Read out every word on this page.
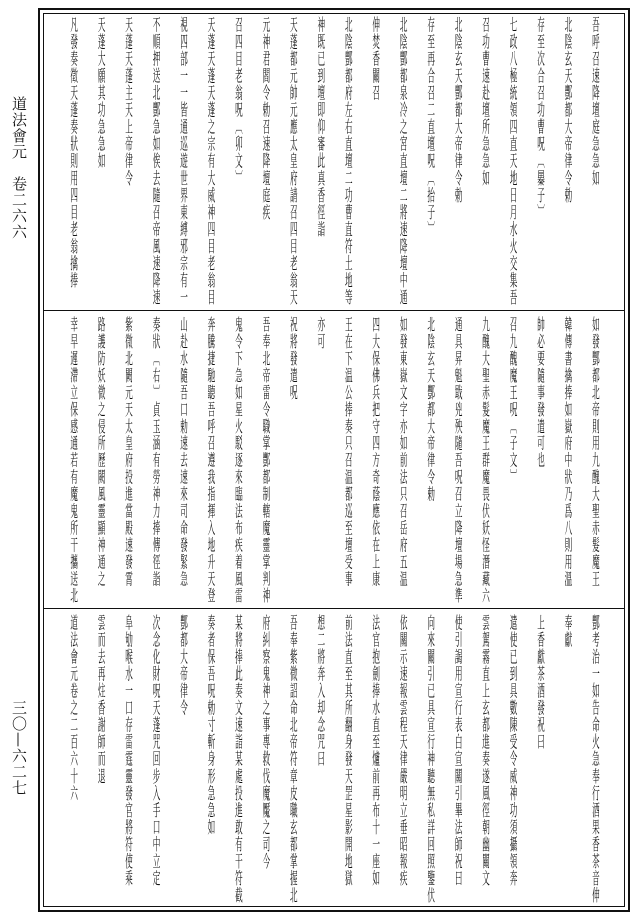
道法會元　卷二六六
三〇—六二七

吾呼召速降壇庭急急如

北陰玄天酆都大帝律令勅

存至次合召功曹呪〔㬥子〕

七政八極統領四直天地日月水火交集吾

召功曹速赴壇所急急如

北陰玄天酆都大帝律令勅

存至再合召二直壇呪〔抬子〕

北陰酆都泉冷之宮直壇二將速降壇中通

伸焚香關召

北陰酆都府左右直壇二功曹直符土地等

神既已到壇即仰審此真香徑詣

天蓬都元帥元應太皇府請召四目老翁天

元神君閻令勅召速降壇庭疾

召四目老翁呪〔卯文〕

天蓬天蓬天蓬之宗有大威神四目老翁目

視四部一一皆通巡遊世界東縛邪宗有一

不順押送北酆急如俟去隨召帝風速降速

天蓬天蓬主天上帝律令

天蓬大願其功急急如

凡發奏徵天蓬奏狀則用四目老翁擒捧

如發酆都北帝則用九醜大聖赤髮魔王

韓傳書擒捧如嶽府中狀乃爲八則用溫

帥必要隨事發遣可也

召九醜魔王呪〔子文〕

九醜大聖赤髮魔王群魔畏伏妖怪潛藏六

通具昇魁戢兇殃隨吾呪召立降壇場急準

北陰玄天酆都大帝律令勅

如發東嶽文字亦如前法只召岳府五温

四大保佛兵把守四方奇蔭應依在上康

王在下温公捧奏只召温都巡至壇受事

亦可

祝將發遣呪

吾奉北帝雷令職掌酆都制轄魔靈掌判神

鬼令下急如星火駁逐來臨法布疾着風雷

奔騰捷馳聽吾呼召遵我指揮入地升天登

山赴水隨吾口勅速去速來司命發緊急

奏狀〔右〕貞玉涵有勞神力捧傳徑詣

紫微北闕元天太皇府投進當殿速發霄

路護防妖微之侵所歷闕風靈顯神通之

幸早遲滯立保感通若有魔鬼所干攜送北

酆考治一如告命火急奉行酒果香茶音伸

奉獻

上香獻茶酒發祝曰

遣使已到具數陳受令威神功須攝領奔

雲駕霧直上玄都進奏遂風徑朝幽關文

使引謁用宣行表白宣關引畢法師祝曰

向來關引已具宣行神聽無私詳回照鑒伏

依關示速報雲程天律嚴明立垂昭報疾

法官抱劍捧水直至爐前再布十一座如

前法直至其所翻身發天罡星影開地獄

想二將奔入却念咒曰

吾奉紫微詔命北帝符章皮職玄都掌握北

府糾察鬼神之事專救伐魔魘之司今

某將捧此奏文速詣某處投進敢有干符截

奏者保吾呪勅寸斬身形急急如

酆都大帝律令

次念化財呪天蓬咒回步入手口中立定

阜劬喉水一口存雷霆靈發官將符使乘

雲而去再炷香謝師而退

道法會元卷之二百六十六
